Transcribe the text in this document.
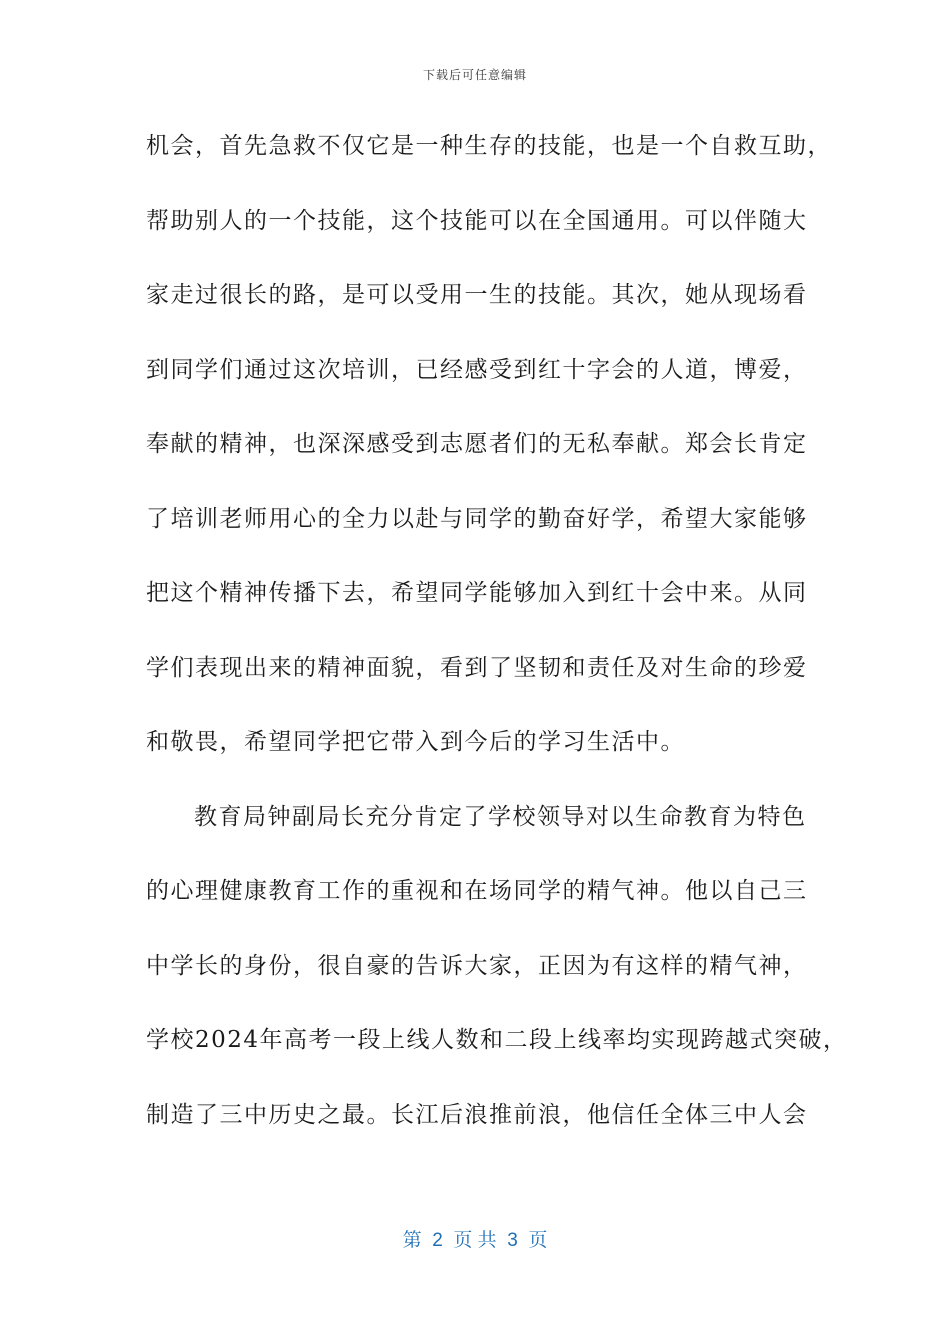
下载后可任意编辑
机会，首先急救不仅它是一种生存的技能，也是一个自救互助，
帮助别人的一个技能，这个技能可以在全国通用。可以伴随大
家走过很长的路，是可以受用一生的技能。其次，她从现场看
到同学们通过这次培训，已经感受到红十字会的人道，博爱，
奉献的精神，也深深感受到志愿者们的无私奉献。郑会长肯定
了培训老师用心的全力以赴与同学的勤奋好学，希望大家能够
把这个精神传播下去，希望同学能够加入到红十会中来。从同
学们表现出来的精神面貌，看到了坚韧和责任及对生命的珍爱
和敬畏，希望同学把它带入到今后的学习生活中。
教育局钟副局长充分肯定了学校领导对以生命教育为特色
的心理健康教育工作的重视和在场同学的精气神。他以自己三
中学长的身份，很自豪的告诉大家，正因为有这样的精气神，
学校2024年高考一段上线人数和二段上线率均实现跨越式突破，
制造了三中历史之最。长江后浪推前浪，他信任全体三中人会
第  2  页 共  3  页
